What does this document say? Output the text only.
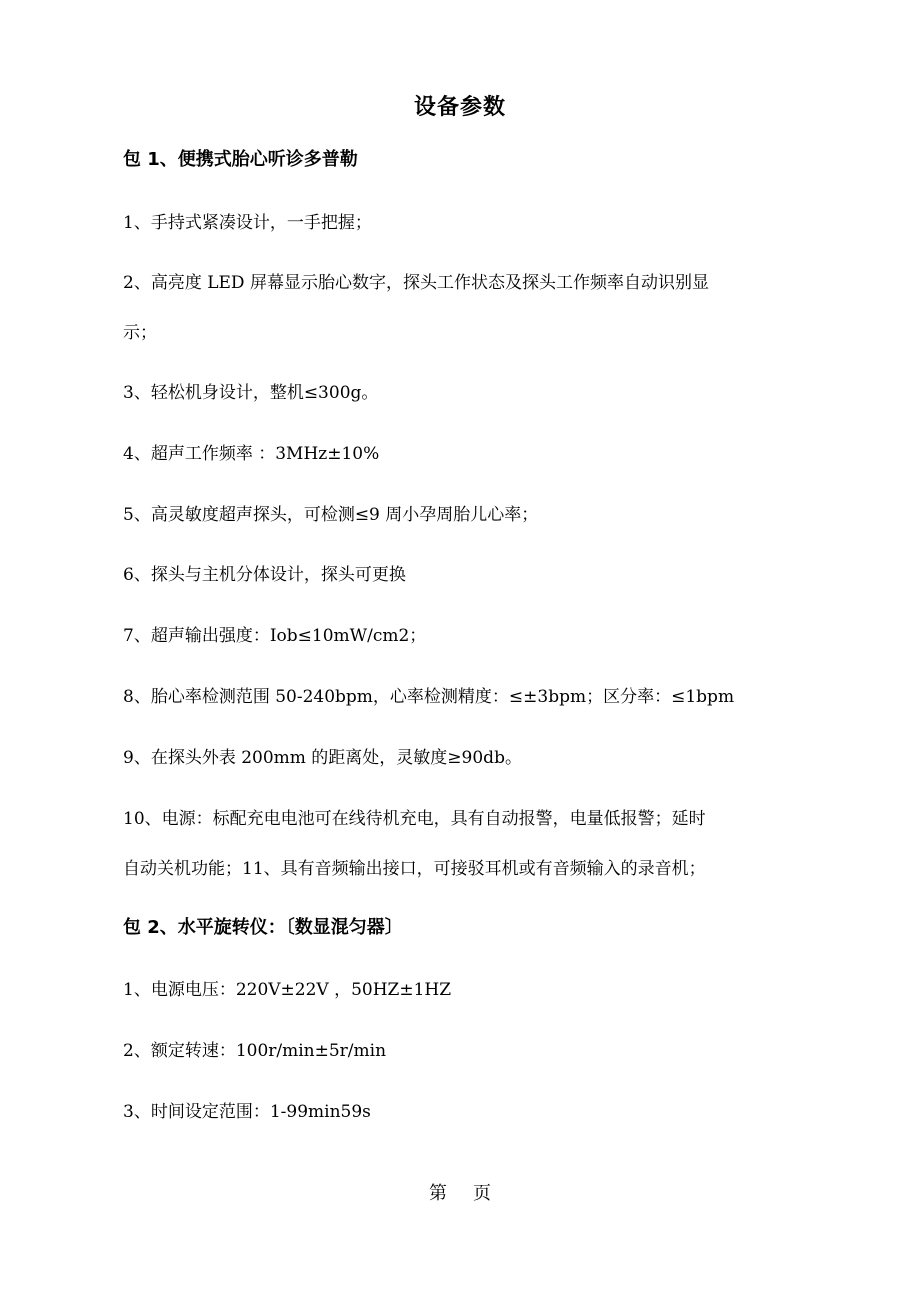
设备参数
包 1、便携式胎心听诊多普勒
1、手持式紧凑设计，一手把握；
2、高亮度 LED 屏幕显示胎心数字，探头工作状态及探头工作频率自动识别显
示；
3、轻松机身设计，整机≤300g。
4、超声工作频率 ：3MHz±10%
5、高灵敏度超声探头，可检测≤9 周小孕周胎儿心率；
6、探头与主机分体设计，探头可更换
7、超声输出强度：Iob≤10mW/cm2；
8、胎心率检测范围 50-240bpm，心率检测精度：≤±3bpm；区分率：≤1bpm
9、在探头外表 200mm 的距离处，灵敏度≥90db。
10、电源：标配充电电池可在线待机充电，具有自动报警，电量低报警；延时
自动关机功能；11、具有音频输出接口，可接驳耳机或有音频输入的录音机；
包 2、水平旋转仪：〔数显混匀器〕
1、电源电压：220V±22V ，50HZ±1HZ
2、额定转速：100r/min±5r/min
3、时间设定范围：1-99min59s
第 页
